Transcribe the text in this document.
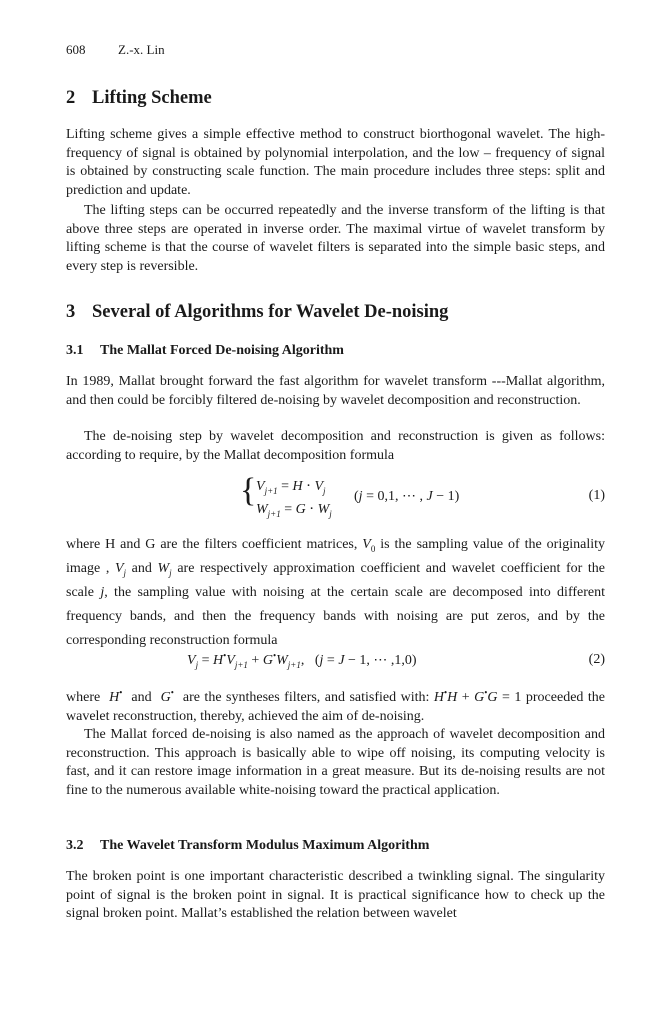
608	Z.-x. Lin
2 Lifting Scheme

Lifting scheme gives a simple effective method to construct biorthogonal wavelet. The high-frequency of signal is obtained by polynomial interpolation, and the low – frequency of signal is obtained by constructing scale function. The main procedure includes three steps: split and prediction and update.

The lifting steps can be occurred repeatedly and the inverse transform of the lifting is that above three steps are operated in inverse order. The maximal virtue of wavelet transform by lifting scheme is that the course of wavelet filters is separated into the simple basic steps, and every step is reversible.

3 Several of Algorithms for Wavelet De-noising
3.1 The Mallat Forced De-noising Algorithm

In 1989, Mallat brought forward the fast algorithm for wavelet transform ---Mallat algorithm, and then could be forcibly filtered de-noising by wavelet decomposition and reconstruction.

The de-noising step by wavelet decomposition and reconstruction is given as follows: according to require, by the Mallat decomposition formula

{ $V_{j+1} = H \cdot V_j$
$W_{j+1} = G \cdot W_j$
(j = 0,1, ⋯ , J − 1)	(1)

where H and G are the filters coefficient matrices, $V_0$ is the sampling value of the originality image , $V_j$ and $W_j$ are respectively approximation coefficient and wavelet coefficient for the scale j, the sampling value with noising at the certain scale are decomposed into different frequency bands, and then the frequency bands with noising are put zeros, and by the corresponding reconstruction formula

$V_j = H^•V_{j+1} + G^•W_{j+1}$,   (j = J − 1, ⋯ ,1,0)	(2)

where H• and G• are the syntheses filters, and satisfied with: H•H + G•G = 1 proceeded the wavelet reconstruction, thereby, achieved the aim of de-noising.

The Mallat forced de-noising is also named as the approach of wavelet decomposition and reconstruction. This approach is basically able to wipe off noising, its computing velocity is fast, and it can restore image information in a great measure. But its de-noising results are not fine to the numerous available white-noising toward the practical application.

3.2 The Wavelet Transform Modulus Maximum Algorithm

The broken point is one important characteristic described a twinkling signal. The singularity point of signal is the broken point in signal. It is practical significance how to check up the signal broken point. Mallat’s established the relation between wavelet
